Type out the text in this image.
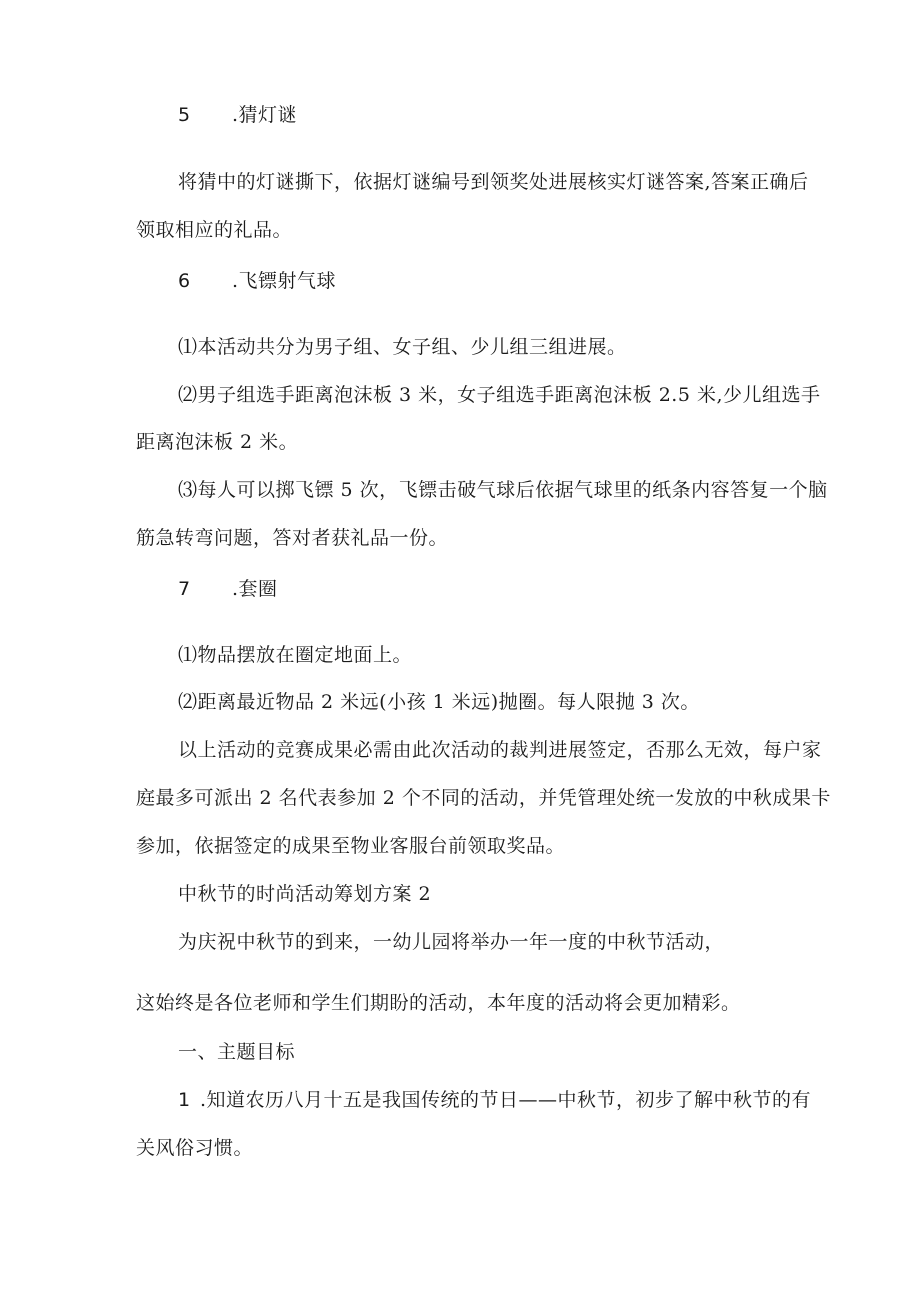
5 .猜灯谜
将猜中的灯谜撕下，依据灯谜编号到领奖处进展核实灯谜答案,答案正确后
领取相应的礼品。
6 .飞镖射气球
⑴本活动共分为男子组、女子组、少儿组三组进展。
⑵男子组选手距离泡沫板 3 米，女子组选手距离泡沫板 2.5 米,少儿组选手
距离泡沫板 2 米。
⑶每人可以掷飞镖 5 次，飞镖击破气球后依据气球里的纸条内容答复一个脑
筋急转弯问题，答对者获礼品一份。
7 .套圈
⑴物品摆放在圈定地面上。
⑵距离最近物品 2 米远(小孩 1 米远)抛圈。每人限抛 3 次。
以上活动的竞赛成果必需由此次活动的裁判进展签定，否那么无效，每户家
庭最多可派出 2 名代表参加 2 个不同的活动，并凭管理处统一发放的中秋成果卡
参加，依据签定的成果至物业客服台前领取奖品。
中秋节的时尚活动筹划方案 2
为庆祝中秋节的到来，一幼儿园将举办一年一度的中秋节活动，
这始终是各位老师和学生们期盼的活动，本年度的活动将会更加精彩。
一、主题目标
1 .知道农历八月十五是我国传统的节日——中秋节，初步了解中秋节的有
关风俗习惯。
